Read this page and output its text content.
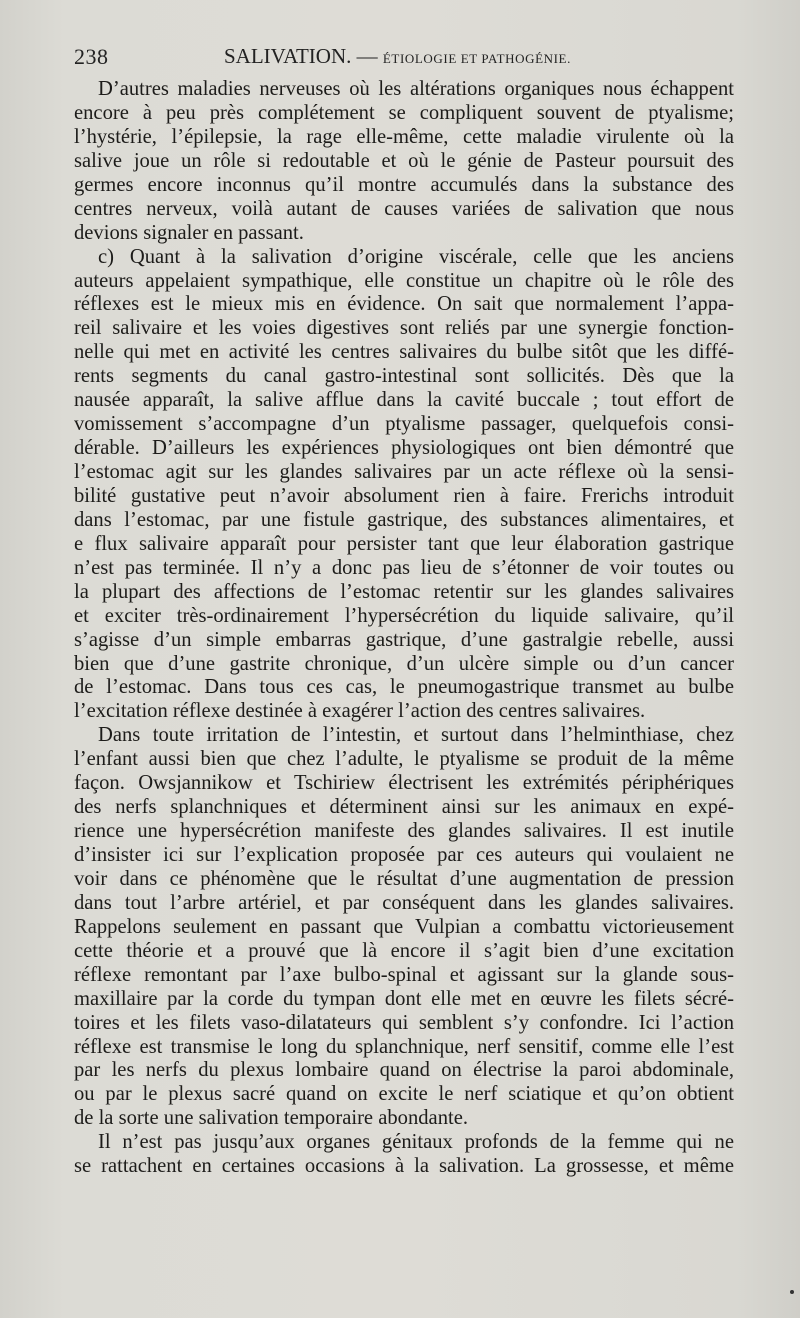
238	SALIVATION. — ÉTIOLOGIE ET PATHOGÉNIE.
D’autres maladies nerveuses où les altérations organiques nous échappent
encore à peu près complétement se compliquent souvent de ptyalisme;
l’hystérie, l’épilepsie, la rage elle-même, cette maladie virulente où la
salive joue un rôle si redoutable et où le génie de Pasteur poursuit des
germes encore inconnus qu’il montre accumulés dans la substance des
centres nerveux, voilà autant de causes variées de salivation que nous
devions signaler en passant.
c) Quant à la salivation d’origine viscérale, celle que les anciens
auteurs appelaient sympathique, elle constitue un chapitre où le rôle des
réflexes est le mieux mis en évidence. On sait que normalement l’appa-
reil salivaire et les voies digestives sont reliés par une synergie fonction-
nelle qui met en activité les centres salivaires du bulbe sitôt que les diffé-
rents segments du canal gastro-intestinal sont sollicités. Dès que la
nausée apparaît, la salive afflue dans la cavité buccale ; tout effort de
vomissement s’accompagne d’un ptyalisme passager, quelquefois consi-
dérable. D’ailleurs les expériences physiologiques ont bien démontré que
l’estomac agit sur les glandes salivaires par un acte réflexe où la sensi-
bilité gustative peut n’avoir absolument rien à faire. Frerichs introduit
dans l’estomac, par une fistule gastrique, des substances alimentaires, et
e flux salivaire apparaît pour persister tant que leur élaboration gastrique
n’est pas terminée. Il n’y a donc pas lieu de s’étonner de voir toutes ou
la plupart des affections de l’estomac retentir sur les glandes salivaires
et exciter très-ordinairement l’hypersécrétion du liquide salivaire, qu’il
s’agisse d’un simple embarras gastrique, d’une gastralgie rebelle, aussi
bien que d’une gastrite chronique, d’un ulcère simple ou d’un cancer
de l’estomac. Dans tous ces cas, le pneumogastrique transmet au bulbe
l’excitation réflexe destinée à exagérer l’action des centres salivaires.
Dans toute irritation de l’intestin, et surtout dans l’helminthiase, chez
l’enfant aussi bien que chez l’adulte, le ptyalisme se produit de la même
façon. Owsjannikow et Tschiriew électrisent les extrémités périphériques
des nerfs splanchniques et déterminent ainsi sur les animaux en expé-
rience une hypersécrétion manifeste des glandes salivaires. Il est inutile
d’insister ici sur l’explication proposée par ces auteurs qui voulaient ne
voir dans ce phénomène que le résultat d’une augmentation de pression
dans tout l’arbre artériel, et par conséquent dans les glandes salivaires.
Rappelons seulement en passant que Vulpian a combattu victorieusement
cette théorie et a prouvé que là encore il s’agit bien d’une excitation
réflexe remontant par l’axe bulbo-spinal et agissant sur la glande sous-
maxillaire par la corde du tympan dont elle met en œuvre les filets sécré-
toires et les filets vaso-dilatateurs qui semblent s’y confondre. Ici l’action
réflexe est transmise le long du splanchnique, nerf sensitif, comme elle l’est
par les nerfs du plexus lombaire quand on électrise la paroi abdominale,
ou par le plexus sacré quand on excite le nerf sciatique et qu’on obtient
de la sorte une salivation temporaire abondante.
Il n’est pas jusqu’aux organes génitaux profonds de la femme qui ne
se rattachent en certaines occasions à la salivation. La grossesse, et même
